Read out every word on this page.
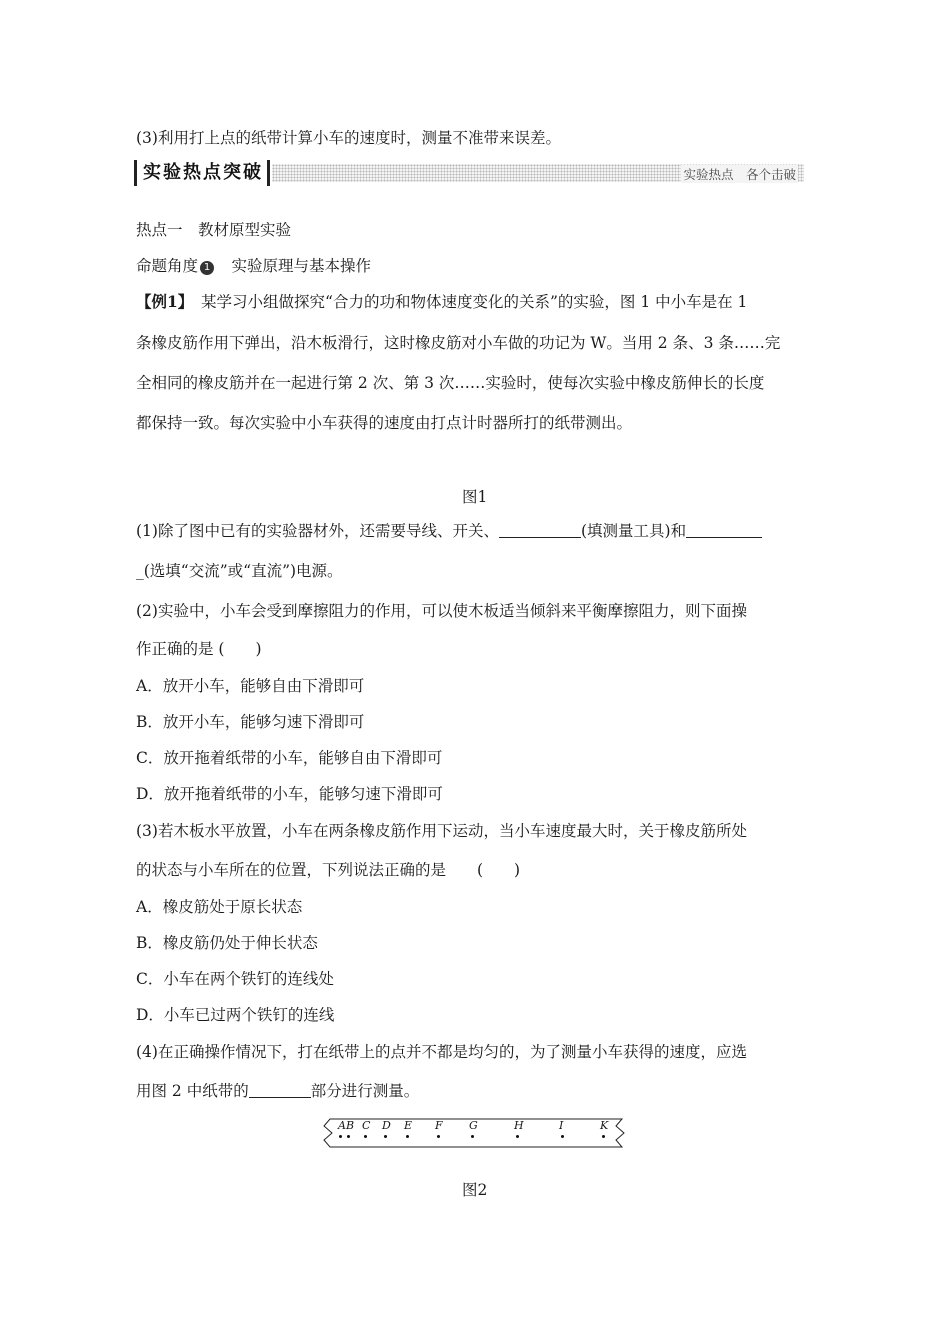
(3)利用打上点的纸带计算小车的速度时，测量不准带来误差。
实验热点突破	实验热点　各个击破
热点一　教材原型实验
命题角度 1　实验原理与基本操作
【例1】　某学习小组做探究“合力的功和物体速度变化的关系”的实验，图 1 中小车是在 1
条橡皮筋作用下弹出，沿木板滑行，这时橡皮筋对小车做的功记为 W。当用 2 条、3 条……完
全相同的橡皮筋并在一起进行第 2 次、第 3 次……实验时，使每次实验中橡皮筋伸长的长度
都保持一致。每次实验中小车获得的速度由打点计时器所打的纸带测出。
图1
(1)除了图中已有的实验器材外，还需要导线、开关、	(填测量工具)和
_(选填“交流”或“直流”)电源。
(2)实验中，小车会受到摩擦阻力的作用，可以使木板适当倾斜来平衡摩擦阻力，则下面操
作正确的是 (　　)
A．放开小车，能够自由下滑即可
B．放开小车，能够匀速下滑即可
C．放开拖着纸带的小车，能够自由下滑即可
D．放开拖着纸带的小车，能够匀速下滑即可
(3)若木板水平放置，小车在两条橡皮筋作用下运动，当小车速度最大时，关于橡皮筋所处
的状态与小车所在的位置，下列说法正确的是　　(　　)
A．橡皮筋处于原长状态
B．橡皮筋仍处于伸长状态
C．小车在两个铁钉的连线处
D．小车已过两个铁钉的连线
(4)在正确操作情况下，打在纸带上的点并不都是均匀的，为了测量小车获得的速度，应选
用图 2 中纸带的	部分进行测量。
AB C D E F G	H	I	K
图2
